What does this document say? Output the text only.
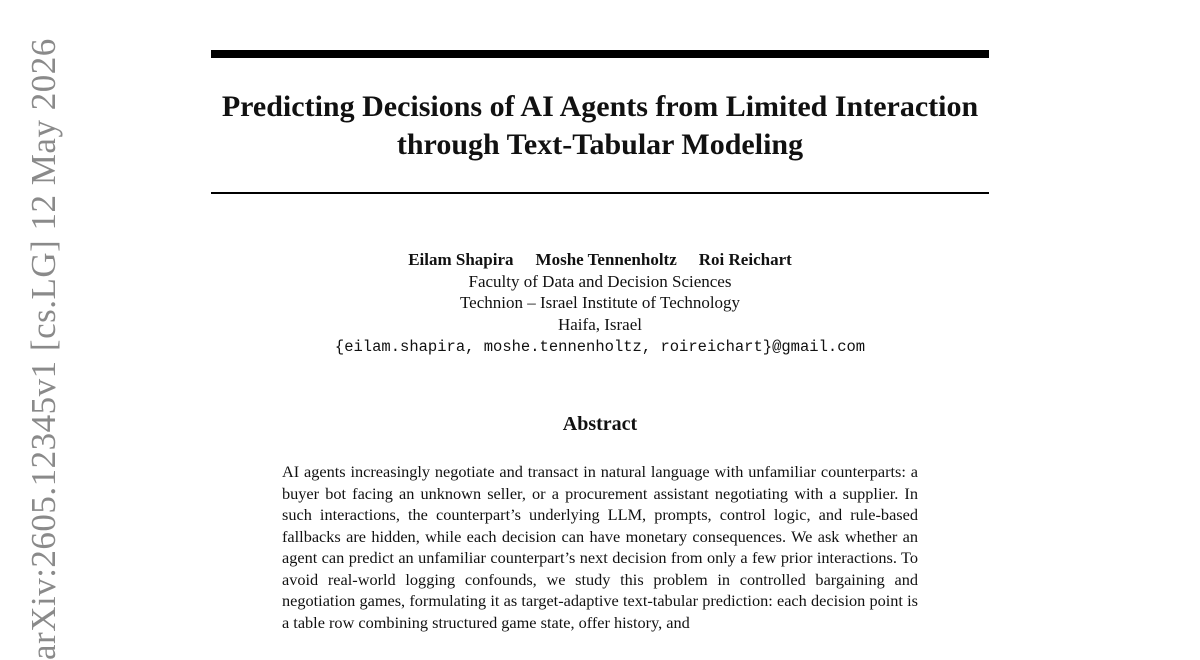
arXiv:2605.12345v1 [cs.LG] 12 May 2026	Predicting Decisions of AI Agents from Limited Interaction through Text-Tabular Modeling
Eilam Shapira Moshe Tennenholtz Roi Reichart
Faculty of Data and Decision Sciences
Technion – Israel Institute of Technology
Haifa, Israel
{eilam.shapira, moshe.tennenholtz, roireichart}@gmail.com
Abstract

AI agents increasingly negotiate and transact in natural language with unfamiliar counterparts: a buyer bot facing an unknown seller, or a procurement assistant negotiating with a supplier. In such interactions, the counterpart’s underlying LLM, prompts, control logic, and rule-based fallbacks are hidden, while each decision can have monetary consequences. We ask whether an agent can predict an unfamiliar counterpart’s next decision from only a few prior interactions. To avoid real-world logging confounds, we study this problem in controlled bargaining and negotiation games, formulating it as target-adaptive text-tabular prediction: each decision point is a table row combining structured game state, offer history, and
